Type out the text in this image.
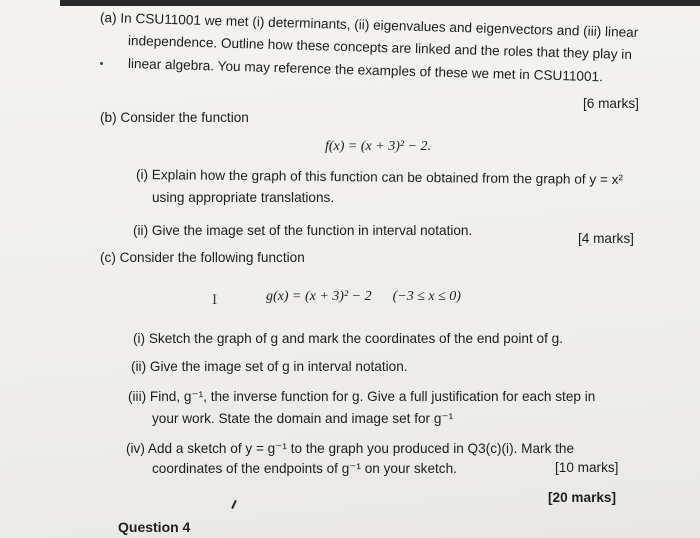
(a) In CSU11001 we met (i) determinants, (ii) eigenvalues and eigenvectors and (iii) linear
independence. Outline how these concepts are linked and the roles that they play in
linear algebra. You may reference the examples of these we met in CSU11001.
[6 marks]
(b) Consider the function
f(x) = (x + 3)² − 2.
(i) Explain how the graph of this function can be obtained from the graph of y = x²
using appropriate translations.
(ii) Give the image set of the function in interval notation.
[4 marks]
(c) Consider the following function
I	g(x) = (x + 3)² − 2      (−3 ≤ x ≤ 0)
(i) Sketch the graph of g and mark the coordinates of the end point of g.
(ii) Give the image set of g in interval notation.
(iii) Find, g⁻¹, the inverse function for g. Give a full justification for each step in
your work. State the domain and image set for g⁻¹
(iv) Add a sketch of y = g⁻¹ to the graph you produced in Q3(c)(i). Mark the
coordinates of the endpoints of g⁻¹ on your sketch.	[10 marks]
[20 marks]
Question 4
